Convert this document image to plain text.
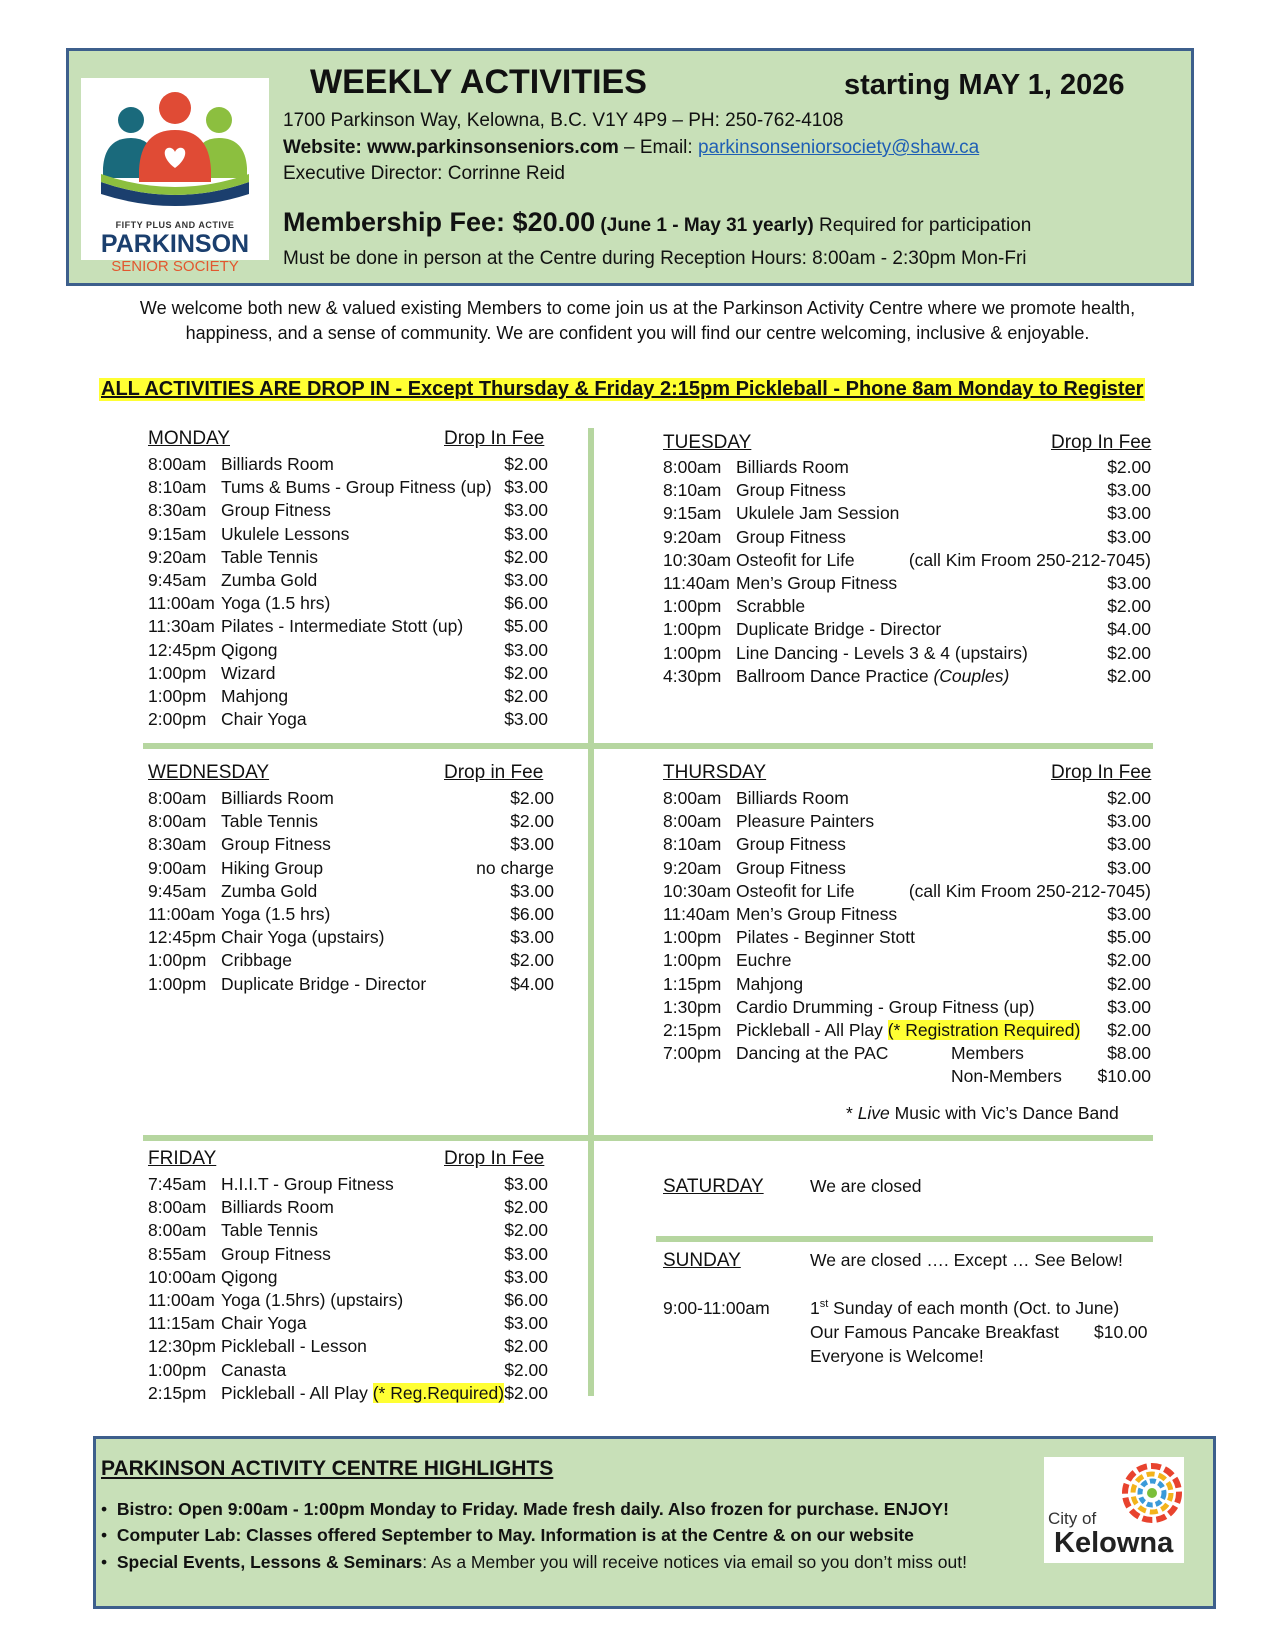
FIFTY PLUS AND ACTIVE
PARKINSON
SENIOR SOCIETY
WEEKLY ACTIVITIES	starting MAY 1, 2026
1700 Parkinson Way, Kelowna, B.C. V1Y 4P9 – PH: 250-762-4108
Website: www.parkinsonseniors.com – Email: parkinsonseniorsociety@shaw.ca
Executive Director: Corrinne Reid
Membership Fee: $20.00 (June 1 - May 31 yearly) Required for participation
Must be done in person at the Centre during Reception Hours: 8:00am - 2:30pm Mon-Fri
We welcome both new & valued existing Members to come join us at the Parkinson Activity Centre where we promote health,
happiness, and a sense of community. We are confident you will find our centre welcoming, inclusive & enjoyable.
ALL ACTIVITIES ARE DROP IN - Except Thursday & Friday 2:15pm Pickleball - Phone 8am Monday to Register
MONDAY	Drop In Fee
8:00am Billiards Room	$2.00
8:10am Tums & Bums - Group Fitness (up) $3.00
8:30am Group Fitness	$3.00
9:15am Ukulele Lessons	$3.00
9:20am Table Tennis	$2.00
9:45am Zumba Gold	$3.00
11:00am Yoga (1.5 hrs)	$6.00
11:30am Pilates - Intermediate Stott (up) $5.00
12:45pm Qigong	$3.00
1:00pm Wizard	$2.00
1:00pm Mahjong	$2.00
2:00pm Chair Yoga	$3.00
TUESDAY	Drop In Fee
8:00am Billiards Room	$2.00
8:10am Group Fitness	$3.00
9:15am Ukulele Jam Session	$3.00
9:20am Group Fitness	$3.00
10:30am Osteofit for Life	(call Kim Froom 250-212-7045)
11:40am Men’s Group Fitness	$3.00
1:00pm Scrabble	$2.00
1:00pm Duplicate Bridge - Director	$4.00
1:00pm Line Dancing - Levels 3 & 4 (upstairs)	$2.00
4:30pm Ballroom Dance Practice (Couples)	$2.00
WEDNESDAY	Drop in Fee
8:00am Billiards Room	$2.00
8:00am Table Tennis	$2.00
8:30am Group Fitness	$3.00
9:00am Hiking Group	no charge
9:45am Zumba Gold	$3.00
11:00am Yoga (1.5 hrs)	$6.00
12:45pm Chair Yoga (upstairs)	$3.00
1:00pm Cribbage	$2.00
1:00pm Duplicate Bridge - Director	$4.00
THURSDAY	Drop In Fee
8:00am Billiards Room	$2.00
8:00am Pleasure Painters	$3.00
8:10am Group Fitness	$3.00
9:20am Group Fitness	$3.00
10:30am Osteofit for Life	(call Kim Froom 250-212-7045)
11:40am Men’s Group Fitness	$3.00
1:00pm Pilates - Beginner Stott	$5.00
1:00pm Euchre	$2.00
1:15pm Mahjong	$2.00
1:30pm Cardio Drumming - Group Fitness (up)	$3.00
2:15pm Pickleball - All Play (* Registration Required) $2.00
7:00pm Dancing at the PAC	Members	$8.00
Non-Members $10.00
FRIDAY	Drop In Fee
7:45am H.I.I.T - Group Fitness	$3.00
8:00am Billiards Room	$2.00
8:00am Table Tennis	$2.00
8:55am Group Fitness	$3.00
10:00am Qigong	$3.00
11:00am Yoga (1.5hrs) (upstairs)	$6.00
11:15am Chair Yoga	$3.00
12:30pm Pickleball - Lesson	$2.00
1:00pm Canasta	$2.00
2:15pm Pickleball - All Play (* Reg.Required) $2.00
* Live Music with Vic’s Dance Band
SATURDAY	We are closed
SUNDAY	We are closed …. Except … See Below!
9:00-11:00am 1st Sunday of each month (Oct. to June)
Our Famous Pancake Breakfast $10.00
Everyone is Welcome!
PARKINSON ACTIVITY CENTRE HIGHLIGHTS
•  Bistro: Open 9:00am - 1:00pm Monday to Friday. Made fresh daily. Also frozen for purchase. ENJOY!
•  Computer Lab: Classes offered September to May. Information is at the Centre & on our website
•  Special Events, Lessons & Seminars: As a Member you will receive notices via email so you don’t miss out!
City of
Kelowna
